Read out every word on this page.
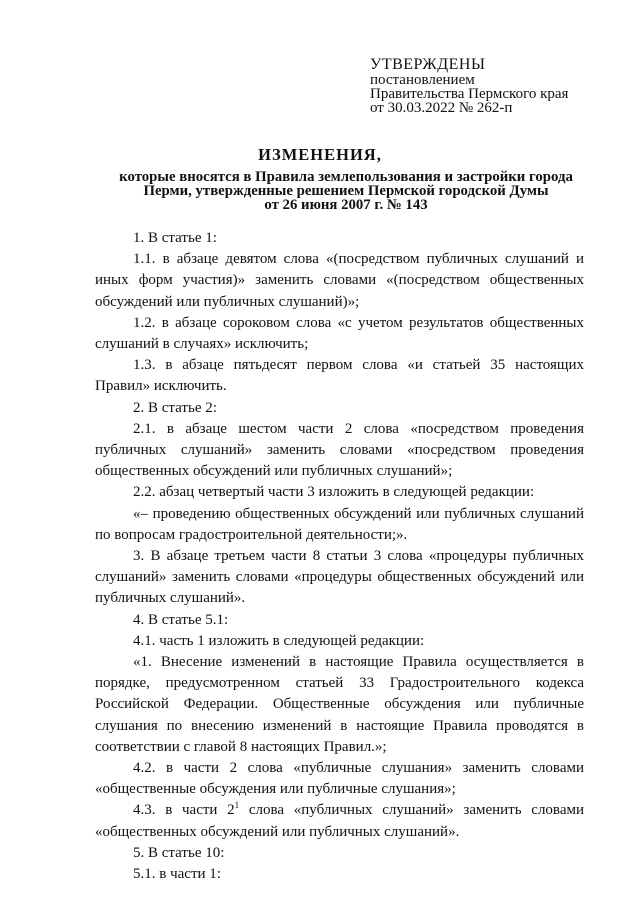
УТВЕРЖДЕНЫ
постановлением
Правительства Пермского края
от 30.03.2022 № 262-п
ИЗМЕНЕНИЯ,
которые вносятся в Правила землепользования и застройки города
Перми, утвержденные решением Пермской городской Думы
от 26 июня 2007 г. № 143

1. В статье 1:

1.1. в абзаце девятом слова «(посредством публичных слушаний и иных форм участия)» заменить словами «(посредством общественных обсуждений или публичных слушаний)»;

1.2. в абзаце сороковом слова «с учетом результатов общественных слушаний в случаях» исключить;

1.3. в абзаце пятьдесят первом слова «и статьей 35 настоящих Правил» исключить.

2. В статье 2:

2.1. в абзаце шестом части 2 слова «посредством проведения публичных слушаний» заменить словами «посредством проведения общественных обсуждений или публичных слушаний»;

2.2. абзац четвертый части 3 изложить в следующей редакции:

«– проведению общественных обсуждений или публичных слушаний по вопросам градостроительной деятельности;».

3. В абзаце третьем части 8 статьи 3 слова «процедуры публичных слушаний» заменить словами «процедуры общественных обсуждений или публичных слушаний».

4. В статье 5.1:

4.1. часть 1 изложить в следующей редакции:

«1. Внесение изменений в настоящие Правила осуществляется в порядке, предусмотренном статьей 33 Градостроительного кодекса Российской Федерации. Общественные обсуждения или публичные слушания по внесению изменений в настоящие Правила проводятся в соответствии с главой 8 настоящих Правил.»;

4.2. в части 2 слова «публичные слушания» заменить словами «общественные обсуждения или публичные слушания»;

4.3. в части $2^1$ слова «публичных слушаний» заменить словами «общественных обсуждений или публичных слушаний».

5. В статье 10:

5.1. в части 1:
